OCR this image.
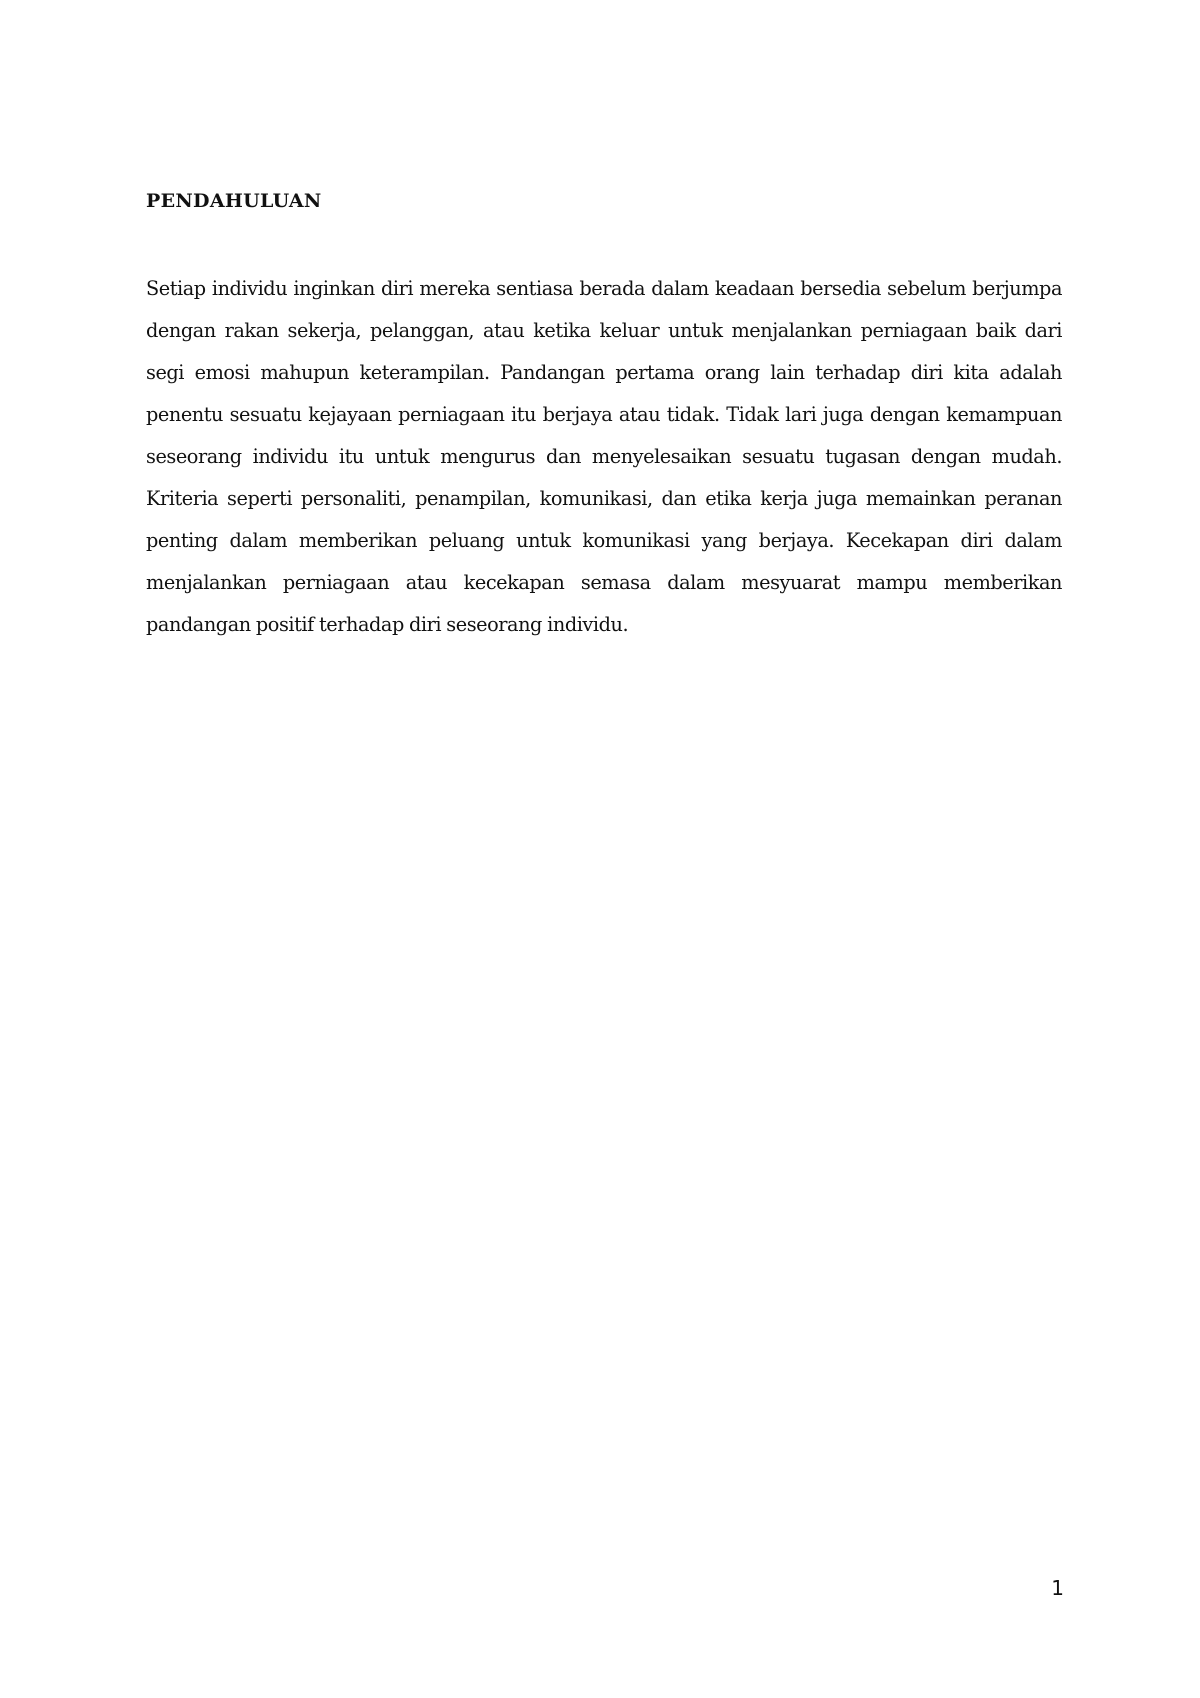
PENDAHULUAN

Setiap individu inginkan diri mereka sentiasa berada dalam keadaan bersedia sebelum berjumpa dengan rakan sekerja, pelanggan, atau ketika keluar untuk menjalankan perniagaan baik dari segi emosi mahupun keterampilan. Pandangan pertama orang lain terhadap diri kita adalah penentu sesuatu kejayaan perniagaan itu berjaya atau tidak. Tidak lari juga dengan kemampuan seseorang individu itu untuk mengurus dan menyelesaikan sesuatu tugasan dengan mudah. Kriteria seperti personaliti, penampilan, komunikasi, dan etika kerja juga memainkan peranan penting dalam memberikan peluang untuk komunikasi yang berjaya. Kecekapan diri dalam menjalankan perniagaan atau kecekapan semasa dalam mesyuarat mampu memberikan pandangan positif terhadap diri seseorang individu.

1
